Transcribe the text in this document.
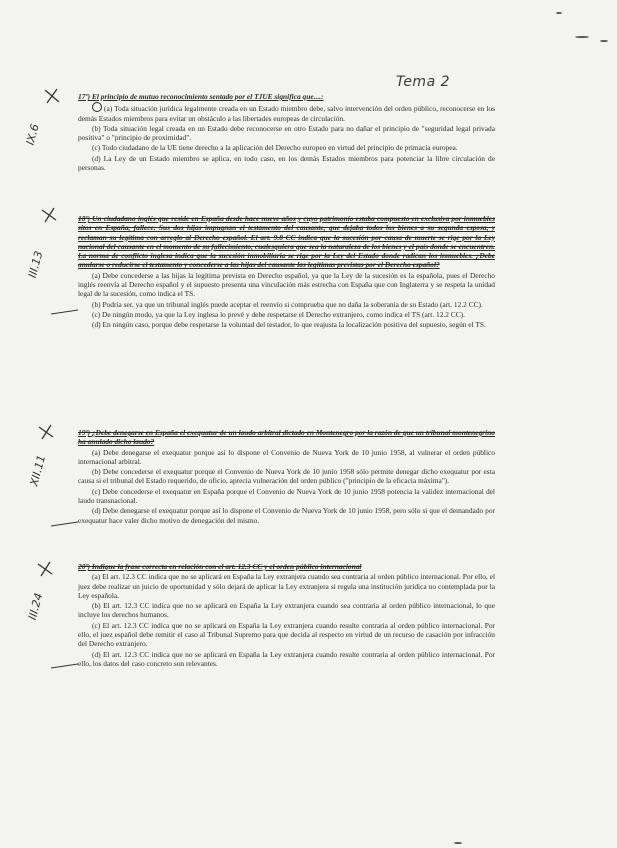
Tema 2
IX.6
III.13
XII.11
III.24
17º) El principio de mutuo reconocimiento sentado por el TJUE significa que....:
(a) Toda situación jurídica legalmente creada en un Estado miembro debe, salvo intervención del orden público, reconocerse en los demás Estados miembros para evitar un obstáculo a las libertades europeas de circulación.
(b) Toda situación legal creada en un Estado debe reconocerse en otro Estado para no dañar el principio de "seguridad legal privada positiva" o "principio de proximidad".
(c) Todo ciudadano de la UE tiene derecho a la aplicación del Derecho europeo en virtud del principio de primacía europea.
(d) La Ley de un Estado miembro se aplica, en todo caso, en los demás Estados miembros para potenciar la libre circulación de personas.
18º) Un ciudadano inglés que reside en España desde hace nueve años y cuyo patrimonio estaba compuesto en exclusiva por inmuebles sitos en España, fallece. Sus dos hijas impugnan el testamento del causante, que dejaba todos los bienes a su segunda esposa, y reclaman su legítima con arreglo al Derecho español. El art. 9.8 CC indica que la sucesión por causa de muerte se rige por la Ley nacional del causante en el momento de su fallecimiento, cualesquiera que sea la naturaleza de los bienes y el país donde se encuentren. La norma de conflicto inglesa indica que la sucesión inmobiliaria se rige por la Ley del Estado donde radican los inmuebles. ¿Debe anularse o reducirse el testamento y concederse a las hijas del causante las legítimas previstas por el Derecho español?
(a) Debe concederse a las hijas la legítima prevista en Derecho español, ya que la Ley de la sucesión es la española, pues el Derecho inglés reenvía al Derecho español y el supuesto presenta una vinculación más estrecha con España que con Inglaterra y se respeta la unidad legal de la sucesión, como indica el TS.
(b) Podría ser, ya que un tribunal inglés puede aceptar el reenvío si comprueba que no daña la soberanía de su Estado (art. 12.2 CC).
(c) De ningún modo, ya que la Ley inglesa lo prevé y debe respetarse el Derecho extranjero, como indica el TS (art. 12.2 CC).
(d) En ningún caso, porque debe respetarse la voluntad del testador, lo que reajusta la localización positiva del supuesto, según el TS.
19º) ¿Debe denegarse en España el exequatur de un laudo arbitral dictado en Montenegro por la razón de que un tribunal montenegrino ha anulado dicho laudo?
(a) Debe denegarse el exequatur porque así lo dispone el Convenio de Nueva York de 10 junio 1958, al vulnerar el orden público internacional arbitral.
(b) Debe concederse el exequatur porque el Convenio de Nueva York de 10 junio 1958 sólo permite denegar dicho exequatur por esta causa si el tribunal del Estado requerido, de oficio, aprecia vulneración del orden público ("principio de la eficacia máxima").
(c) Debe concederse el exequatur en España porque el Convenio de Nueva York de 10 junio 1958 potencia la validez internacional del laudo transnacional.
(d) Debe denegarse el exequatur porque así lo dispone el Convenio de Nueva York de 10 junio 1958, pero sólo si que el demandado por exequatur hace valer dicho motivo de denegación del mismo.
20º) Indique la frase correcta en relación con el art. 12.3 CC y el orden público internacional
(a) El art. 12.3 CC indica que no se aplicará en España la Ley extranjera cuando sea contraria al orden público internacional. Por ello, el juez debe realizar un juicio de oportunidad y sólo dejará de aplicar la Ley extranjera si regula una institución jurídica no contemplada por la Ley española.
(b) El art. 12.3 CC indica que no se aplicará en España la Ley extranjera cuando sea contraria al orden público internacional, lo que incluye los derechos humanos.
(c) El art. 12.3 CC indica que no se aplicará en España la Ley extranjera cuando resulte contraria al orden público internacional. Por ello, el juez español debe remitir el caso al Tribunal Supremo para que decida al respecto en virtud de un recurso de casación por infracción del Derecho extranjero.
(d) El art. 12.3 CC indica que no se aplicará en España la Ley extranjera cuando resulte contraria al orden público internacional. Por ello, los datos del caso concreto son relevantes.
